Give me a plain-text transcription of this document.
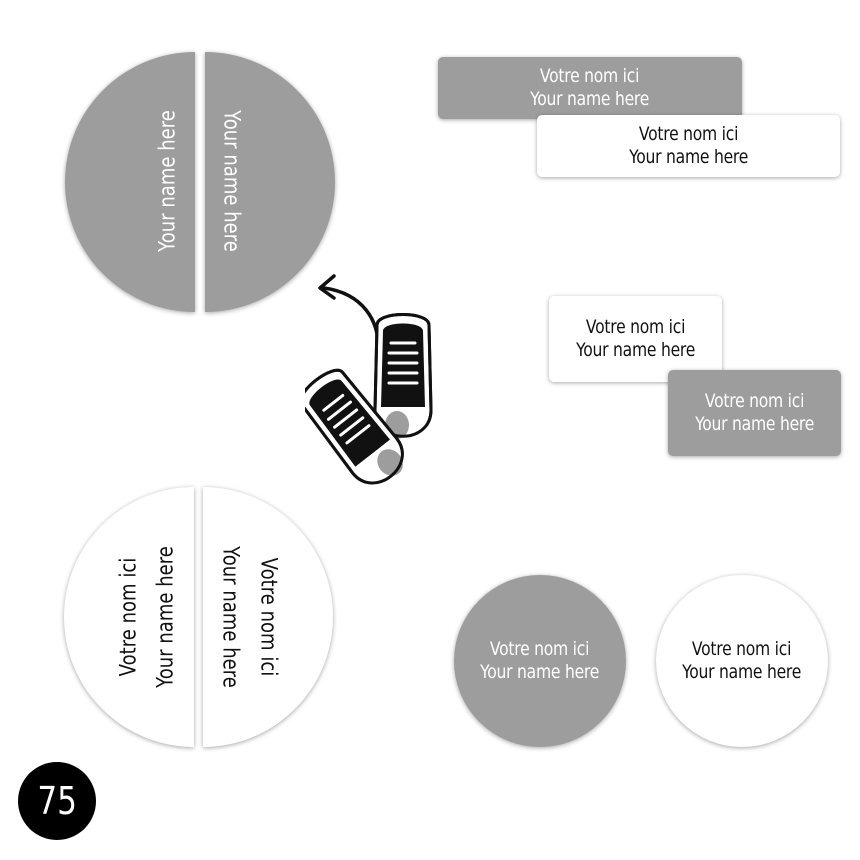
Your name here Your name here
Votre nom ici
Your name here
Votre nom ici
Your name here
Votre nom ici
Your name here
Votre nom ici
Your name here
Votre nom ici Your name here Your name here Votre nom ici	Votre nom ici
Your name here
Votre nom ici
Your name here
75
